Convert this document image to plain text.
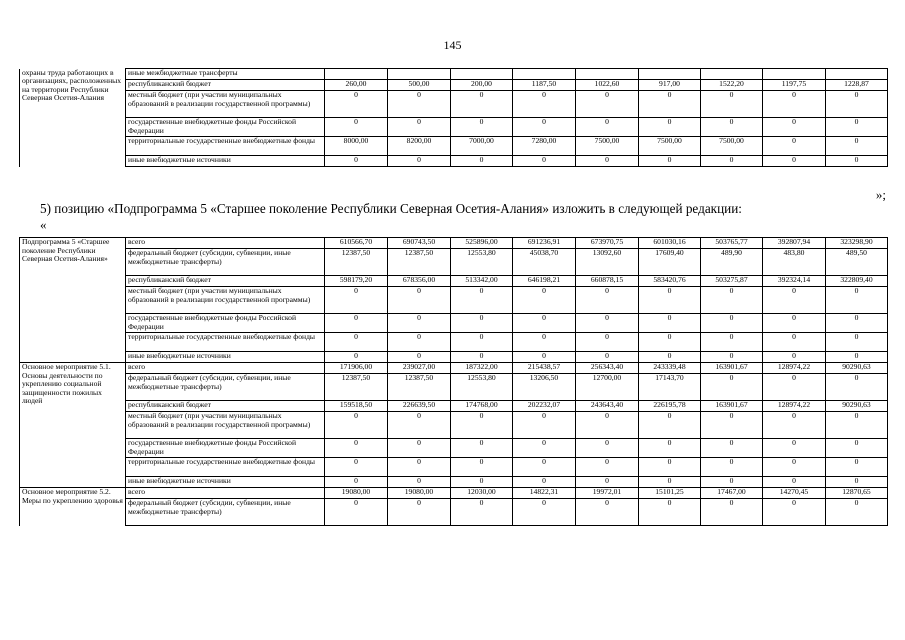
145
охраны труда работающих в организациях, расположенных на территории Республики Северная Осетия-Алания	иные межбюджетные трансферты									
	республиканский бюджет	260,00	500,00	200,00	1187,50	1022,60	917,00	1522,20	1197,75	1228,87
	местный бюджет (при участии муниципальных образований в реализации государственной программы)	0	0	0	0	0	0	0	0	0
	государственные внебюджетные фонды Российской Федерации	0	0	0	0	0	0	0	0	0
	территориальные государственные внебюджетные фонды	8000,00	8200,00	7000,00	7280,00	7500,00	7500,00	7500,00	0	0
	иные внебюджетные источники	0	0	0	0	0	0	0	0	0
»;
5) позицию «Подпрограмма 5 «Старшее поколение Республики Северная Осетия-Алания» изложить в следующей редакции:
«
Подпрограмма 5 «Старшее поколение Республики Северная Осетия-Алания»	всего	610566,70	690743,50	525896,00	691236,91	673970,75	601030,16	503765,77	392807,94	323298,90
	федеральный бюджет (субсидии, субвенции, иные межбюджетные трансферты)	12387,50	12387,50	12553,80	45038,70	13092,60	17609,40	489,90	483,80	489,50
	республиканский бюджет	598179,20	678356,00	513342,00	646198,21	660878,15	583420,76	503275,87	392324,14	322809,40
	местный бюджет (при участии муниципальных образований в реализации государственной программы)	0	0	0	0	0	0	0	0	0
	государственные внебюджетные фонды Российской Федерации	0	0	0	0	0	0	0	0	0
	территориальные государственные внебюджетные фонды	0	0	0	0	0	0	0	0	0
	иные внебюджетные источники	0	0	0	0	0	0	0	0	0
Основное мероприятие 5.1. Основы деятельности по укреплению социальной защищенности пожилых людей	всего	171906,00	239027,00	187322,00	215438,57	256343,40	243339,48	163901,67	128974,22	90290,63
	федеральный бюджет (субсидии, субвенции, иные межбюджетные трансферты)	12387,50	12387,50	12553,80	13206,50	12700,00	17143,70	0	0	0
	республиканский бюджет	159518,50	226639,50	174768,00	202232,07	243643,40	226195,78	163901,67	128974,22	90290,63
	местный бюджет (при участии муниципальных образований в реализации государственной программы)	0	0	0	0	0	0	0	0	0
	государственные внебюджетные фонды Российской Федерации	0	0	0	0	0	0	0	0	0
	территориальные государственные внебюджетные фонды	0	0	0	0	0	0	0	0	0
	иные внебюджетные источники	0	0	0	0	0	0	0	0	0
Основное мероприятие 5.2. Меры по укреплению здоровья	всего	19080,00	19080,00	12030,00	14822,31	19972,01	15101,25	17467,00	14270,45	12870,65
	федеральный бюджет (субсидии, субвенции, иные межбюджетные трансферты)	0	0	0	0	0	0	0	0	0
